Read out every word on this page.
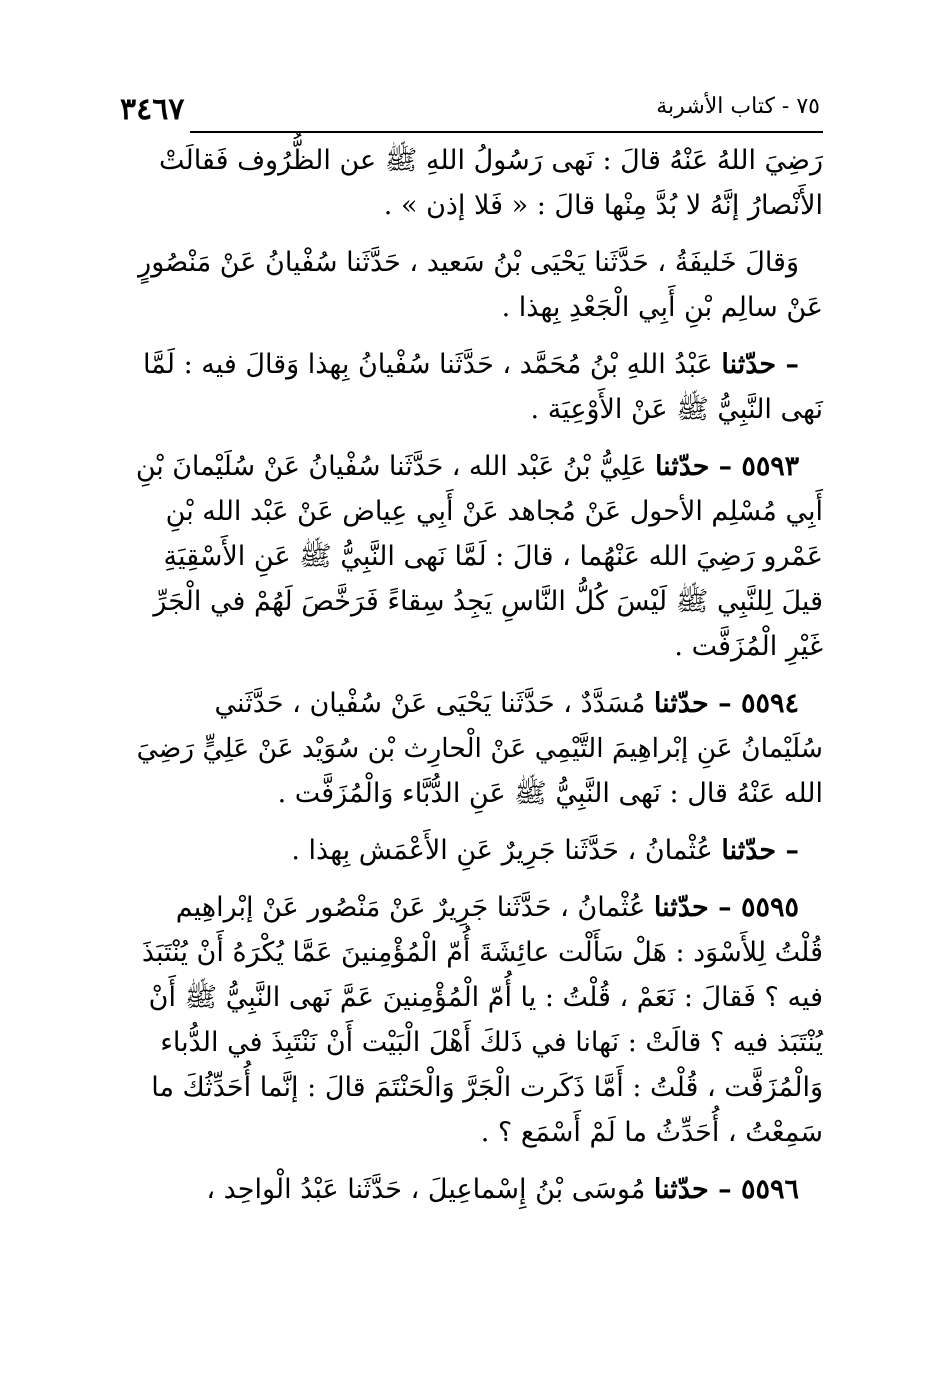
٣٤٦٧	٧٥ - كتاب الأشربة
رَضِيَ اللهُ عَنْهُ قالَ : نَهى رَسُولُ اللهِ ﷺ عن الظُّرُوف فَقالَتْ
الأَنْصارُ إنَّهُ لا بُدَّ مِنْها قالَ : « فَلا إذن » .
وَقالَ خَليفَةُ ، حَدَّثَنا يَحْيَى بْنُ سَعيد ، حَدَّثَنا سُفْيانُ عَنْ مَنْصُورٍ
عَنْ سالِم بْنِ أَبِي الْجَعْدِ بِهذا .
– حدّثنا عَبْدُ اللهِ بْنُ مُحَمَّد ، حَدَّثَنا سُفْيانُ بِهذا وَقالَ فيه : لَمَّا
نَهى النَّبِيُّ ﷺ عَنْ الأَوْعِيَة .
٥٥٩٣ – حدّثنا عَلِيُّ بْنُ عَبْد الله ، حَدَّثَنا سُفْيانُ عَنْ سُلَيْمانَ بْنِ
أَبِي مُسْلِم الأحول عَنْ مُجاهد عَنْ أَبِي عِياض عَنْ عَبْد الله بْنِ
عَمْرو رَضِيَ الله عَنْهُما ، قالَ : لَمَّا نَهى النَّبِيُّ ﷺ عَنِ الأَسْقِيَةِ
قيلَ لِلنَّبِي ﷺ لَيْسَ كُلُّ النَّاسِ يَجِدُ سِقاءً فَرَخَّصَ لَهُمْ في الْجَرِّ
غَيْرِ الْمُزَفَّت .
٥٥٩٤ – حدّثنا مُسَدَّدٌ ، حَدَّثَنا يَحْيَى عَنْ سُفْيان ، حَدَّثَني
سُلَيْمانُ عَنِ إبْراهِيمَ التَّيْمِي عَنْ الْحارِث بْن سُوَيْد عَنْ عَلِيٍّ رَضِيَ
الله عَنْهُ قال : نَهى النَّبِيُّ ﷺ عَنِ الدُّبَّاء وَالْمُزَفَّت .
– حدّثنا عُثْمانُ ، حَدَّثَنا جَرِيرٌ عَنِ الأَعْمَش بِهذا .
٥٥٩٥ – حدّثنا عُثْمانُ ، حَدَّثَنا جَرِيرٌ عَنْ مَنْصُور عَنْ إبْراهِيم
قُلْتُ لِلأَسْوَد : هَلْ سَأَلْت عائِشَةَ أُمّ الْمُؤْمِنينَ عَمَّا يُكْرَهُ أَنْ يُنْتَبَذَ
فيه ؟ فَقالَ : نَعَمْ ، قُلْتُ : يا أُمّ الْمُؤْمِنينَ عَمَّ نَهى النَّبِيُّ ﷺ أَنْ
يُنْتَبَذ فيه ؟ قالَتْ : نَهانا في ذَلكَ أَهْلَ الْبَيْت أَنْ نَنْتَبِذَ في الدُّباء
وَالْمُزَفَّت ، قُلْتُ : أَمَّا ذَكَرت الْجَرَّ وَالْحَنْتَمَ قالَ : إنَّما أُحَدِّثُكَ ما
سَمِعْتُ ، أُحَدِّثُ ما لَمْ أَسْمَع ؟ .
٥٥٩٦ – حدّثنا مُوسَى بْنُ إِسْماعِيلَ ، حَدَّثَنا عَبْدُ الْواحِد ،
